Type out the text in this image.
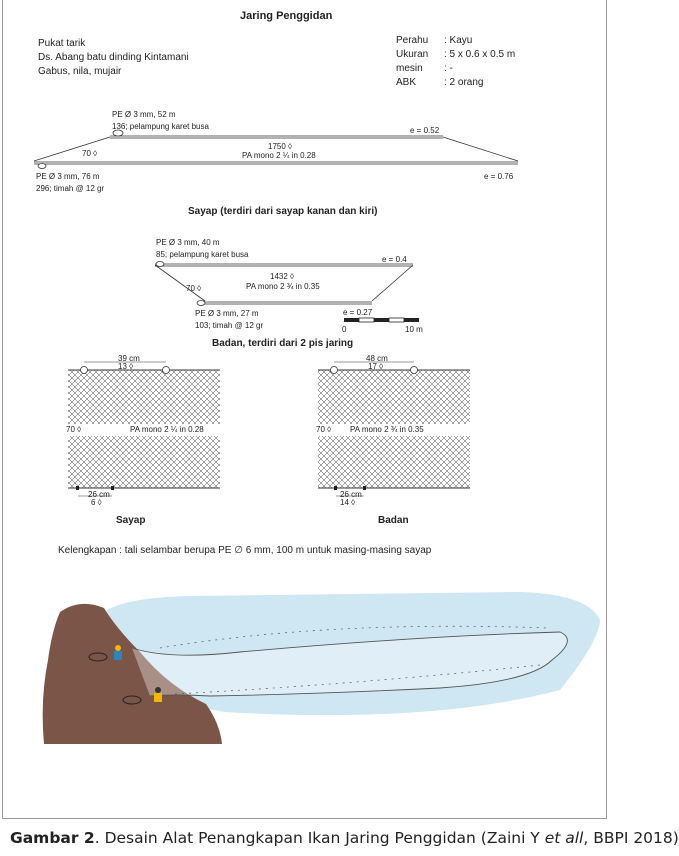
Jaring Penggidan
Pukat tarik
Ds. Abang batu dinding Kintamani
Gabus, nila, mujair
Perahu : Kayu
Ukuran : 5 x 0.6 x 0.5 m
mesin : -
ABK	: 2 orang
PE Ø 3 mm, 52 m
136; pelampung karet busa	e = 0.52
1750 ◊
PA mono 2 ¼ in 0.28
70 ◊
PE Ø 3 mm, 76 m
296; timah @ 12 gr
e = 0.76
Sayap (terdiri dari sayap kanan dan kiri)
PE Ø 3 mm, 40 m
85; pelampung karet busa
e = 0.4
1432 ◊
70 ◊	PA mono 2 ¾ in 0.35
PE Ø 3 mm, 27 m
103; timah @ 12 gr
e = 0.27
0	10 m
Badan, terdiri dari 2 pis jaring
39 cm
13 ◊
70 ◊	PA mono 2 ¼ in 0.28
26 cm
6 ◊
Sayap
48 cm
17 ◊
70 ◊ PA mono 2 ¾ in 0.35
26 cm
14 ◊
Badan
Kelengkapan : tali selambar berupa PE ∅ 6 mm, 100 m untuk masing-masing sayap
Gambar 2. Desain Alat Penangkapan Ikan Jaring Penggidan (Zaini Y et all, BBPI 2018)
